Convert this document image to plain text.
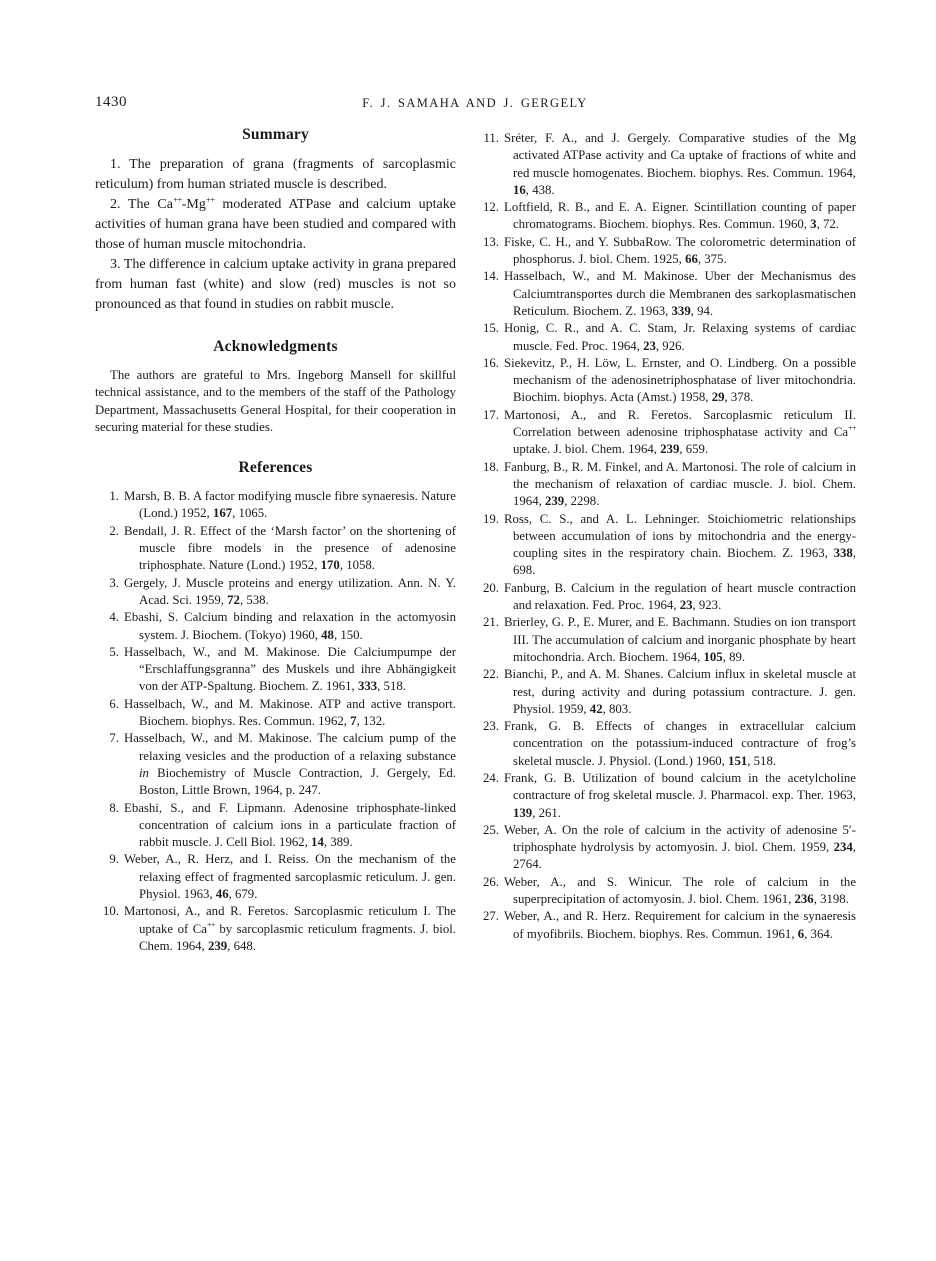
1430	F. J. SAMAHA AND J. GERGELY
Summary

1. The preparation of grana (fragments of sarcoplasmic reticulum) from human striated muscle is described.

2. The Ca++-Mg++ moderated ATPase and calcium uptake activities of human grana have been studied and compared with those of human muscle mitochondria.

3. The difference in calcium uptake activity in grana prepared from human fast (white) and slow (red) muscles is not so pronounced as that found in studies on rabbit muscle.

Acknowledgments

The authors are grateful to Mrs. Ingeborg Mansell for skillful technical assistance, and to the members of the staff of the Pathology Department, Massachusetts General Hospital, for their cooperation in securing material for these studies.

References

1. Marsh, B. B. A factor modifying muscle fibre synaeresis. Nature (Lond.) 1952, 167, 1065.

2. Bendall, J. R. Effect of the ‘Marsh factor’ on the shortening of muscle fibre models in the presence of adenosine triphosphate. Nature (Lond.) 1952, 170, 1058.

3. Gergely, J. Muscle proteins and energy utilization. Ann. N. Y. Acad. Sci. 1959, 72, 538.

4. Ebashi, S. Calcium binding and relaxation in the actomyosin system. J. Biochem. (Tokyo) 1960, 48, 150.

5. Hasselbach, W., and M. Makinose. Die Calciumpumpe der “Erschlaffungsgranna” des Muskels und ihre Abhängigkeit von der ATP-Spaltung. Biochem. Z. 1961, 333, 518.

6. Hasselbach, W., and M. Makinose. ATP and active transport. Biochem. biophys. Res. Commun. 1962, 7, 132.

7. Hasselbach, W., and M. Makinose. The calcium pump of the relaxing vesicles and the production of a relaxing substance in Biochemistry of Muscle Contraction, J. Gergely, Ed. Boston, Little Brown, 1964, p. 247.

8. Ebashi, S., and F. Lipmann. Adenosine triphosphate-linked concentration of calcium ions in a particulate fraction of rabbit muscle. J. Cell Biol. 1962, 14, 389.

9. Weber, A., R. Herz, and I. Reiss. On the mechanism of the relaxing effect of fragmented sarcoplasmic reticulum. J. gen. Physiol. 1963, 46, 679.

10. Martonosi, A., and R. Feretos. Sarcoplasmic reticulum I. The uptake of Ca++ by sarcoplasmic reticulum fragments. J. biol. Chem. 1964, 239, 648.

11. Sréter, F. A., and J. Gergely. Comparative studies of the Mg activated ATPase activity and Ca uptake of fractions of white and red muscle homogenates. Biochem. biophys. Res. Commun. 1964, 16, 438.

12. Loftfield, R. B., and E. A. Eigner. Scintillation counting of paper chromatograms. Biochem. biophys. Res. Commun. 1960, 3, 72.

13. Fiske, C. H., and Y. SubbaRow. The colorometric determination of phosphorus. J. biol. Chem. 1925, 66, 375.

14. Hasselbach, W., and M. Makinose. Uber der Mechanismus des Calciumtransportes durch die Membranen des sarkoplasmatischen Reticulum. Biochem. Z. 1963, 339, 94.

15. Honig, C. R., and A. C. Stam, Jr. Relaxing systems of cardiac muscle. Fed. Proc. 1964, 23, 926.

16. Siekevitz, P., H. Löw, L. Ernster, and O. Lindberg. On a possible mechanism of the adenosinetriphosphatase of liver mitochondria. Biochim. biophys. Acta (Amst.) 1958, 29, 378.

17. Martonosi, A., and R. Feretos. Sarcoplasmic reticulum II. Correlation between adenosine triphosphatase activity and Ca++ uptake. J. biol. Chem. 1964, 239, 659.

18. Fanburg, B., R. M. Finkel, and A. Martonosi. The role of calcium in the mechanism of relaxation of cardiac muscle. J. biol. Chem. 1964, 239, 2298.

19. Ross, C. S., and A. L. Lehninger. Stoichiometric relationships between accumulation of ions by mitochondria and the energy-coupling sites in the respiratory chain. Biochem. Z. 1963, 338, 698.

20. Fanburg, B. Calcium in the regulation of heart muscle contraction and relaxation. Fed. Proc. 1964, 23, 923.

21. Brierley, G. P., E. Murer, and E. Bachmann. Studies on ion transport III. The accumulation of calcium and inorganic phosphate by heart mitochondria. Arch. Biochem. 1964, 105, 89.

22. Bianchi, P., and A. M. Shanes. Calcium influx in skeletal muscle at rest, during activity and during potassium contracture. J. gen. Physiol. 1959, 42, 803.

23. Frank, G. B. Effects of changes in extracellular calcium concentration on the potassium-induced contracture of frog’s skeletal muscle. J. Physiol. (Lond.) 1960, 151, 518.

24. Frank, G. B. Utilization of bound calcium in the acetylcholine contracture of frog skeletal muscle. J. Pharmacol. exp. Ther. 1963, 139, 261.

25. Weber, A. On the role of calcium in the activity of adenosine 5′-triphosphate hydrolysis by actomyosin. J. biol. Chem. 1959, 234, 2764.

26. Weber, A., and S. Winicur. The role of calcium in the superprecipitation of actomyosin. J. biol. Chem. 1961, 236, 3198.

27. Weber, A., and R. Herz. Requirement for calcium in the synaeresis of myofibrils. Biochem. biophys. Res. Commun. 1961, 6, 364.
